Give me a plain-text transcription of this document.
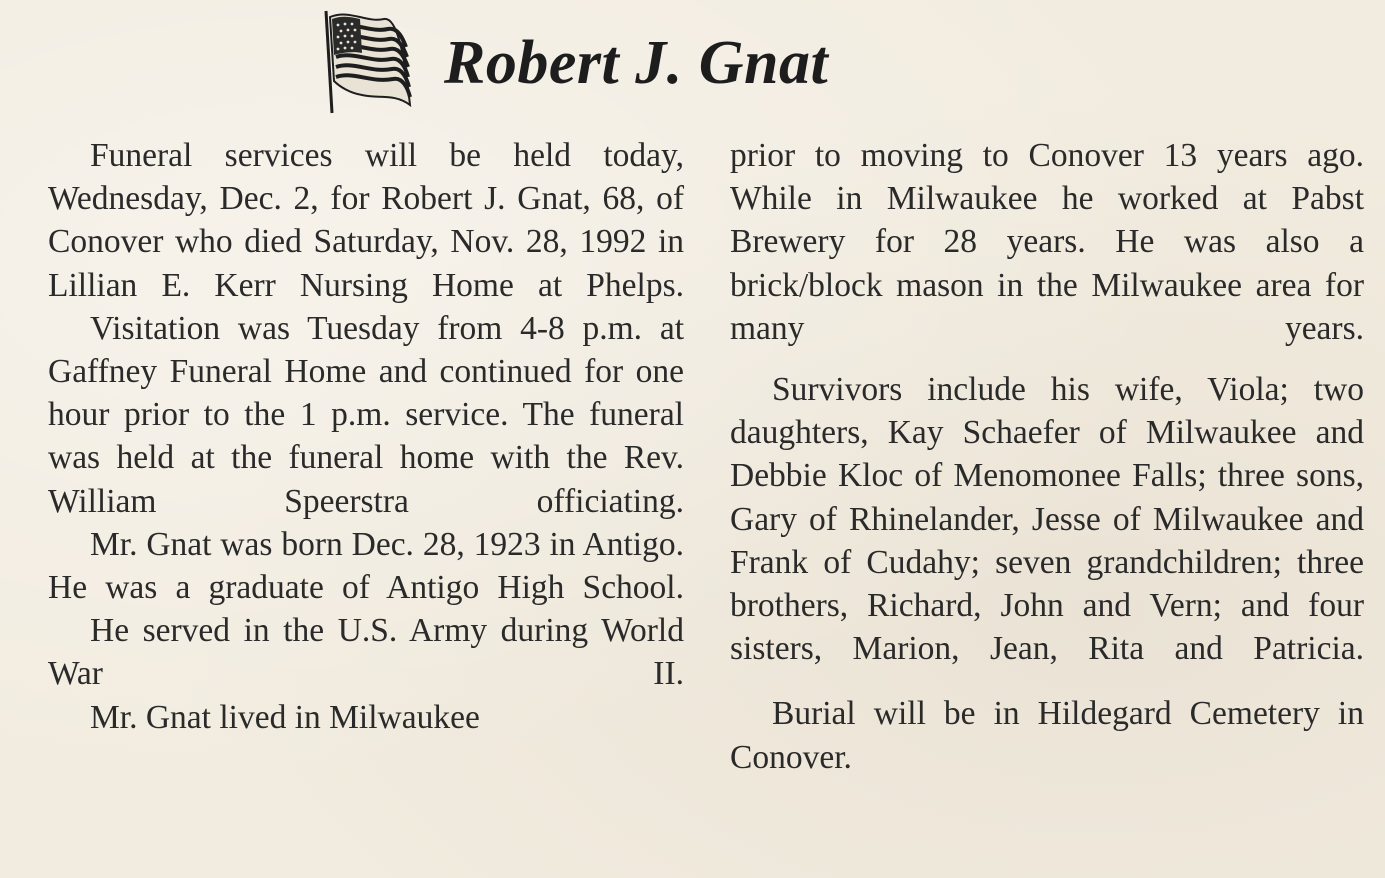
Robert J. Gnat

Funeral services will be held today, Wednesday, Dec. 2, for Robert J. Gnat, 68, of Conover who died Saturday, Nov. 28, 1992 in Lillian E. Kerr Nursing Home at Phelps.

Visitation was Tuesday from 4-8 p.m. at Gaffney Funeral Home and continued for one hour prior to the 1 p.m. service. The funeral was held at the funeral home with the Rev. William Speerstra officiating.

Mr. Gnat was born Dec. 28, 1923 in Antigo. He was a graduate of Antigo High School.

He served in the U.S. Army during World War II.

Mr. Gnat lived in Milwaukee

prior to moving to Conover 13 years ago. While in Milwaukee he worked at Pabst Brewery for 28 years. He was also a brick/block mason in the Milwaukee area for many years.

Survivors include his wife, Viola; two daughters, Kay Schaefer of Milwaukee and Debbie Kloc of Menomonee Falls; three sons, Gary of Rhinelander, Jesse of Milwaukee and Frank of Cudahy; seven grandchildren; three brothers, Richard, John and Vern; and four sisters, Marion, Jean, Rita and Patricia.

Burial will be in Hildegard Cemetery in Conover.
